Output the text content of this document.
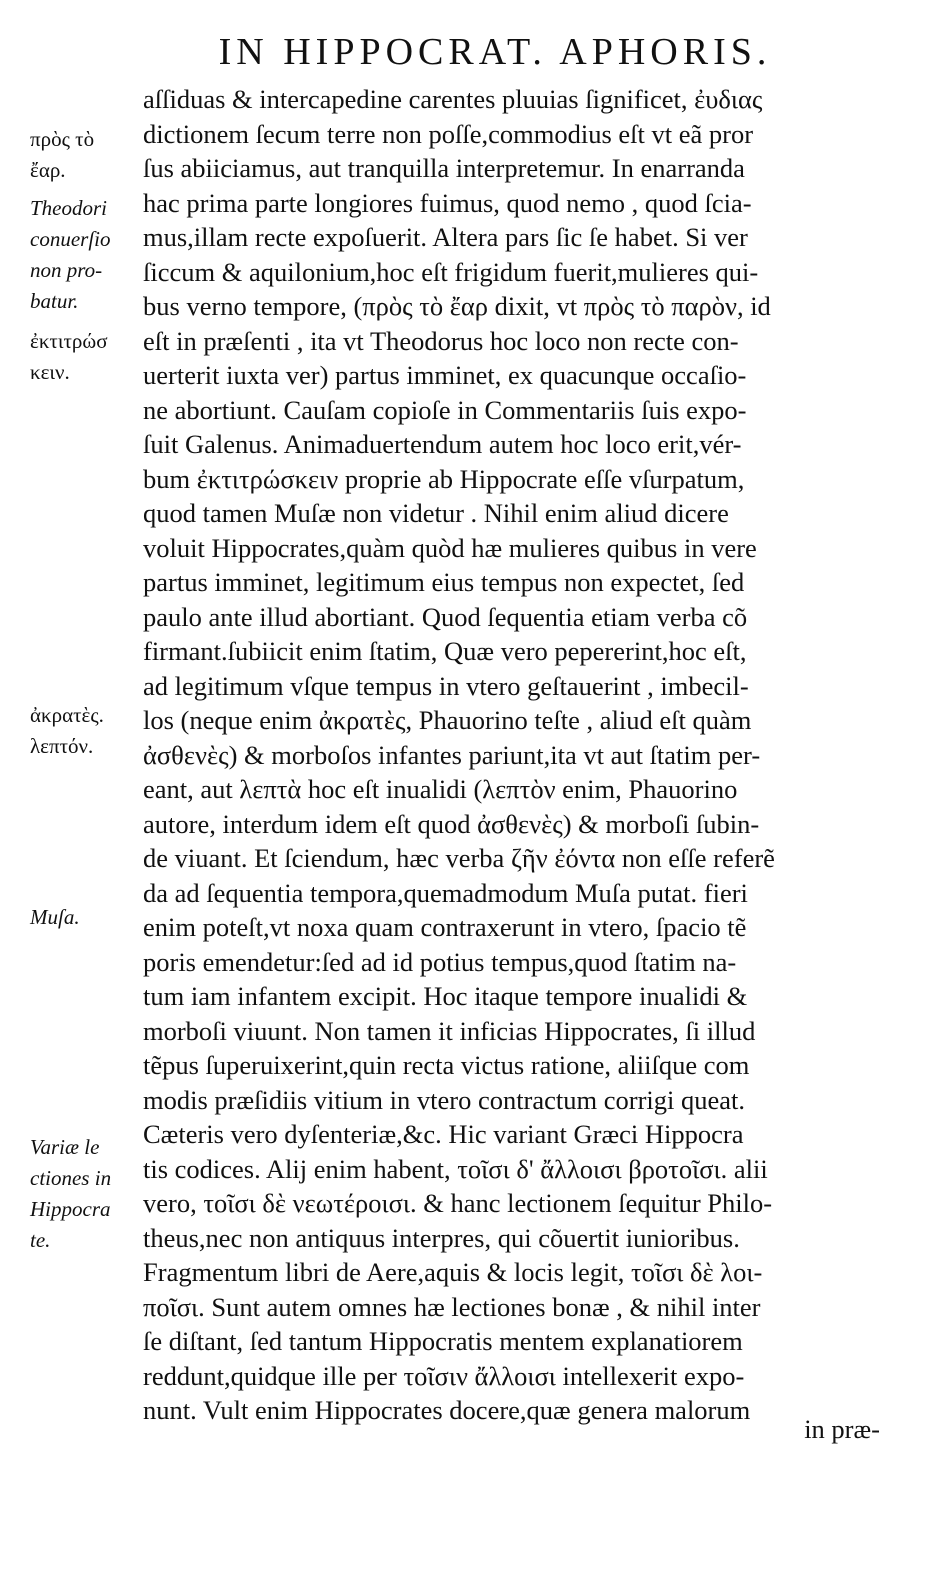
IN HIPPOCRAT. APHORIS.
aſſiduas & intercapedine carentes pluuias ſignificet, ἐυδιας
dictionem ſecum terre non poſſe,commodius eſt vt eã pror
ſus abiiciamus, aut tranquilla interpretemur. In enarranda
hac prima parte longiores fuimus, quod nemo , quod ſcia-
mus,illam recte expoſuerit. Altera pars ſic ſe habet. Si ver
ſiccum & aquilonium,hoc eſt frigidum fuerit,mulieres qui-
bus verno tempore, (πρὸς τὸ ἔαρ dixit, vt πρὸς τὸ παρὸν, id
eſt in præſenti , ita vt Theodorus hoc loco non recte con-
uerterit iuxta ver) partus imminet, ex quacunque occaſio-
ne abortiunt. Cauſam copioſe in Commentariis ſuis expo-
ſuit Galenus. Animaduertendum autem hoc loco erit,vér-
bum ἐκτιτρώσκειν proprie ab Hippocrate eſſe vſurpatum,
quod tamen Muſæ non videtur . Nihil enim aliud dicere
voluit Hippocrates,quàm quòd hæ mulieres quibus in vere
partus imminet, legitimum eius tempus non expectet, ſed
paulo ante illud abortiant. Quod ſequentia etiam verba cõ
firmant.ſubiicit enim ſtatim, Quæ vero pepererint,hoc eſt,
ad legitimum vſque tempus in vtero geſtauerint , imbecil-
los (neque enim ἀκρατὲς, Phauorino teſte , aliud eſt quàm
ἀσθενὲς) & morboſos infantes pariunt,ita vt aut ſtatim per-
eant, aut λεπτὰ hoc eſt inualidi (λεπτὸν enim, Phauorino
autore, interdum idem eſt quod ἀσθενὲς) & morboſi ſubin-
de viuant. Et ſciendum, hæc verba ζῆν ἐόντα non eſſe referẽ
da ad ſequentia tempora,quemadmodum Muſa putat. fieri
enim poteſt,vt noxa quam contraxerunt in vtero, ſpacio tẽ
poris emendetur:ſed ad id potius tempus,quod ſtatim na-
tum iam infantem excipit. Hoc itaque tempore inualidi &
morboſi viuunt. Non tamen it inficias Hippocrates, ſi illud
tẽpus ſuperuixerint,quin recta victus ratione, aliiſque com
modis præſidiis vitium in vtero contractum corrigi queat.
Cæteris vero dyſenteriæ,&c. Hic variant Græci Hippocra
tis codices. Alij enim habent, τοῖσι δ' ἄλλοισι βροτοῖσι. alii
vero, τοῖσι δὲ νεωτέροισι. & hanc lectionem ſequitur Philo-
theus,nec non antiquus interpres, qui cõuertit iunioribus.
Fragmentum libri de Aere,aquis & locis legit, τοῖσι δὲ λοι-
ποῖσι. Sunt autem omnes hæ lectiones bonæ , & nihil inter
ſe diſtant, ſed tantum Hippocratis mentem explanatiorem
reddunt,quidque ille per τοῖσιν ἄλλοισι intellexerit expo-
nunt. Vult enim Hippocrates docere,quæ genera malorum
in præ-
πρὸς τὸ
ἔαρ.
Theodori
conuerſio
non pro-
batur.
ἐκτιτρώσ
κειν.
ἀκρατὲς.
λεπτόν.
Muſa.
Variæ le
ctiones in
Hippocra
te.
